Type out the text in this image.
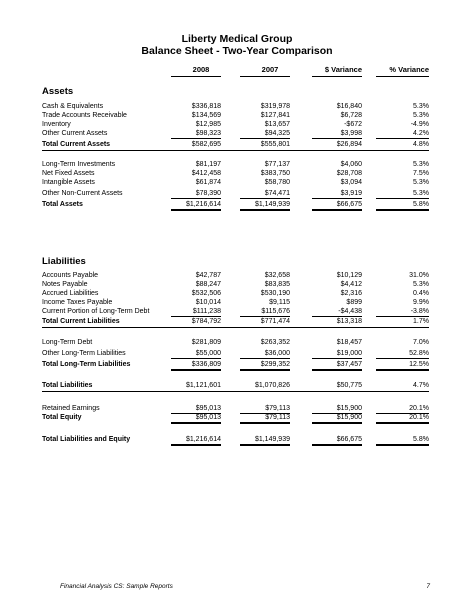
Liberty Medical Group
Balance Sheet - Two-Year Comparison
2008	2007	$ Variance	% Variance
Assets
Liabilities
Cash & Equivalents	$336,818	$319,978	$16,840	5.3%
Trade Accounts Receivable	$134,569	$127,841	$6,728	5.3%
Inventory	$12,985	$13,657	-$672	-4.9%
Other Current Assets	$98,323	$94,325	$3,998	4.2%
Total Current Assets	$582,695	$555,801	$26,894	4.8%
Long-Term Investments	$81,197	$77,137	$4,060	5.3%
Net Fixed Assets	$412,458	$383,750	$28,708	7.5%
Intangible Assets	$61,874	$58,780	$3,094	5.3%
Other Non-Current Assets	$78,390	$74,471	$3,919	5.3%
Total Assets	$1,216,614	$1,149,939	$66,675	5.8%
Accounts Payable	$42,787	$32,658	$10,129	31.0%
Notes Payable	$88,247	$83,835	$4,412	5.3%
Accrued Liabilities	$532,506	$530,190	$2,316	0.4%
Income Taxes Payable	$10,014	$9,115	$899	9.9%
Current Portion of Long-Term Debt	$111,238	$115,676	-$4,438	-3.8%
Total Current Liabilities	$784,792	$771,474	$13,318	1.7%
Long-Term Debt	$281,809	$263,352	$18,457	7.0%
Other Long-Term Liabilities	$55,000	$36,000	$19,000	52.8%
Total Long-Term Liabilities	$336,809	$299,352	$37,457	12.5%
Total Liabilities	$1,121,601	$1,070,826	$50,775	4.7%
Retained Earnings	$95,013	$79,113	$15,900	20.1%
Total Equity	$95,013	$79,113	$15,900	20.1%
Total Liabilities and Equity	$1,216,614	$1,149,939	$66,675	5.8%
Financial Analysis CS: Sample Reports	7
